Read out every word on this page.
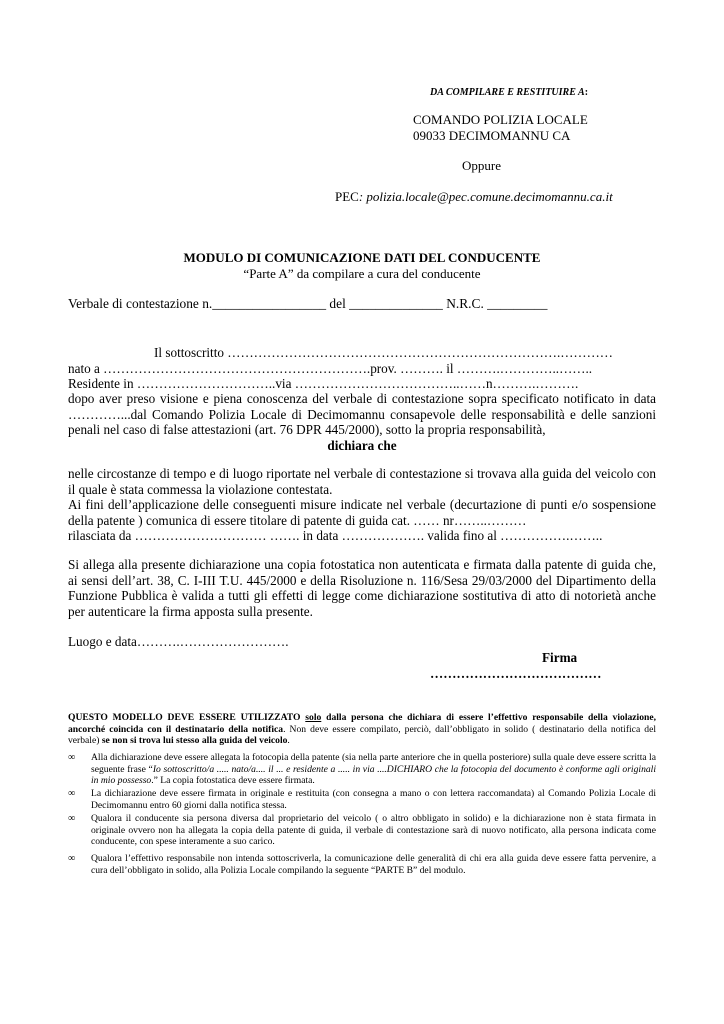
DA COMPILARE E RESTITUIRE A:
COMANDO POLIZIA LOCALE
09033 DECIMOMANNU CA
Oppure
PEC: polizia.locale@pec.comune.decimomannu.ca.it
MODULO DI COMUNICAZIONE DATI DEL CONDUCENTE
“Parte A” da compilare a cura del conducente
Verbale di contestazione n._________________ del ______________ N.R.C. _________
Il sottoscritto ………………………………………………………………….…………
nato a …………………………………………………….prov. ………. il ……….…………..……..
Residente in …………………………..via ………………………………..……n……….……….
dopo aver preso visione e piena conoscenza del verbale di contestazione sopra specificato notificato in data …………...dal Comando Polizia Locale di Decimomannu consapevole delle responsabilità e delle sanzioni penali nel caso di false attestazioni (art. 76 DPR 445/2000), sotto la propria responsabilità,
dichiara che
nelle circostanze di tempo e di luogo riportate nel verbale di contestazione si trovava alla guida del veicolo con il quale è stata commessa la violazione contestata.
Ai fini dell’applicazione delle conseguenti misure indicate nel verbale (decurtazione di punti e/o sospensione della patente ) comunica di essere titolare di patente di guida cat. …… nr……..………
rilasciata da ………………………… ……. in data ………………. valida fino al …………….……..
Si allega alla presente dichiarazione una copia fotostatica non autenticata e firmata dalla patente di guida che, ai sensi dell’art. 38, C. I-III T.U. 445/2000 e della Risoluzione n. 116/Sesa 29/03/2000 del Dipartimento della Funzione Pubblica è valida a tutti gli effetti di legge come dichiarazione sostitutiva di atto di notorietà anche per autenticare la firma apposta sulla presente.
Luogo e data……….…………………….
Firma
…………………………………
QUESTO MODELLO DEVE ESSERE UTILIZZATO solo dalla persona che dichiara di essere l’effettivo responsabile della violazione, ancorché coincida con il destinatario della notifica. Non deve essere compilato, perciò, dall’obbligato in solido ( destinatario della notifica del verbale) se non si trova lui stesso alla guida del veicolo.
∞ Alla dichiarazione deve essere allegata la fotocopia della patente (sia nella parte anteriore che in quella posteriore) sulla quale deve essere scritta la seguente frase “Io sottoscritto/a ..... nato/a.... il ... e residente a ..... in via ....DICHIARO che la fotocopia del documento è conforme agli originali in mio possesso.” La copia fotostatica deve essere firmata.
∞ La dichiarazione deve essere firmata in originale e restituita (con consegna a mano o con lettera raccomandata) al Comando Polizia Locale di Decimomannu entro 60 giorni dalla notifica stessa.
∞ Qualora il conducente sia persona diversa dal proprietario del veicolo ( o altro obbligato in solido) e la dichiarazione non è stata firmata in originale ovvero non ha allegata la copia della patente di guida, il verbale di contestazione sarà di nuovo notificato, alla persona indicata come conducente, con spese interamente a suo carico.
∞ Qualora l’effettivo responsabile non intenda sottoscriverla, la comunicazione delle generalità di chi era alla guida deve essere fatta pervenire, a cura dell’obbligato in solido, alla Polizia Locale compilando la seguente “PARTE B” del modulo.
